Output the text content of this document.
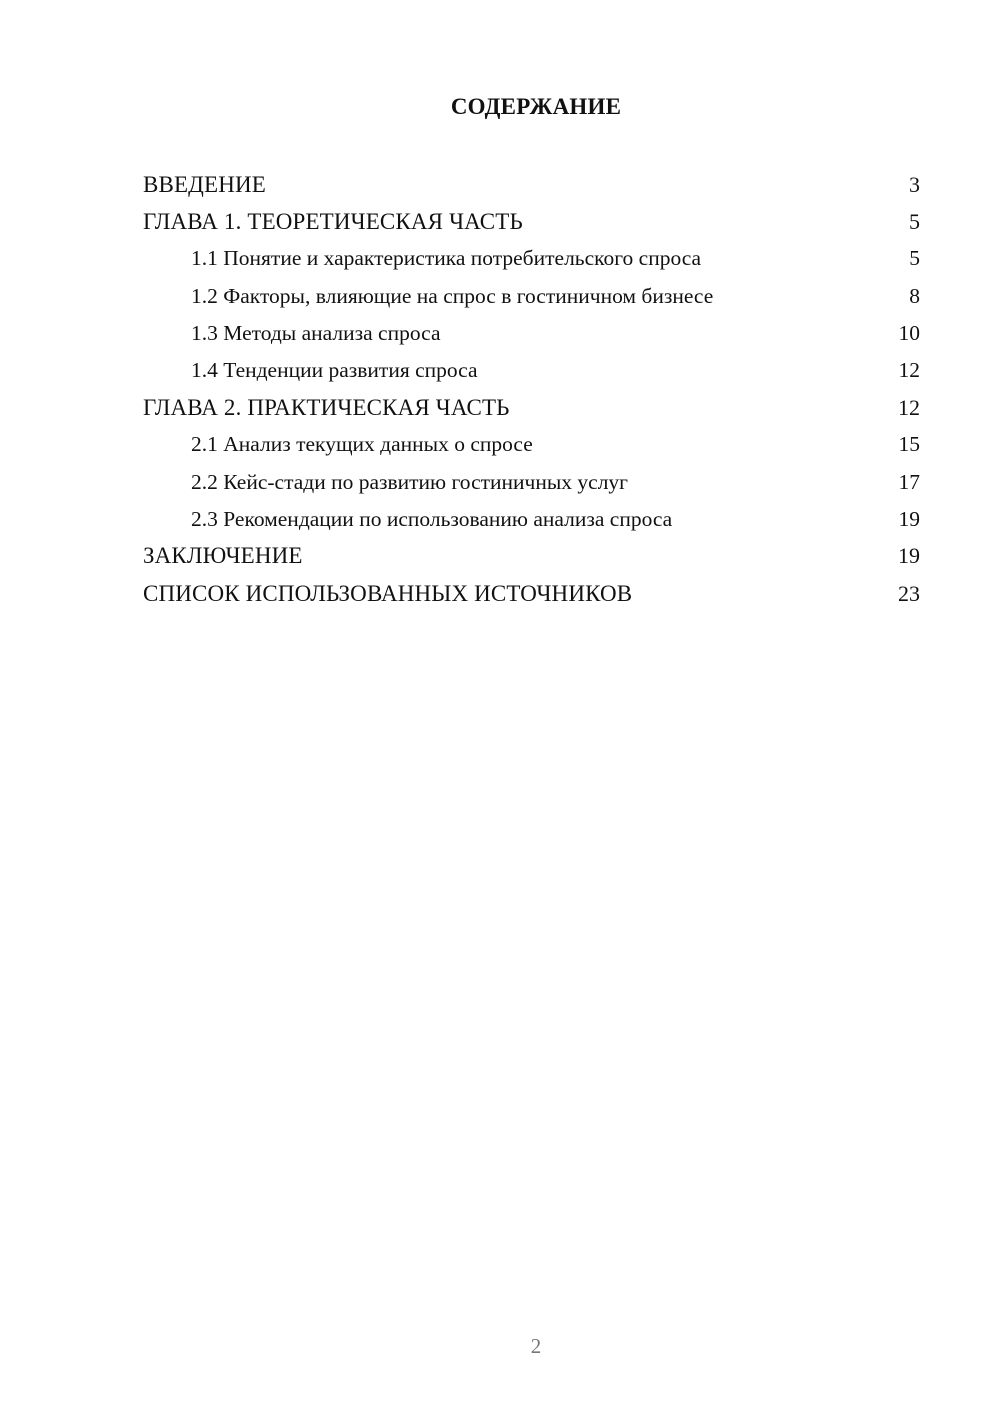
СОДЕРЖАНИЕ
ВВЕДЕНИЕ	3
ГЛАВА 1. ТЕОРЕТИЧЕСКАЯ ЧАСТЬ	5
1.1 Понятие и характеристика потребительского спроса	5
1.2 Факторы, влияющие на спрос в гостиничном бизнесе	8
1.3 Методы анализа спроса	10
1.4 Тенденции развития спроса	12
ГЛАВА 2. ПРАКТИЧЕСКАЯ ЧАСТЬ	12
2.1 Анализ текущих данных о спросе	15
2.2 Кейс-стади по развитию гостиничных услуг	17
2.3 Рекомендации по использованию анализа спроса	19
ЗАКЛЮЧЕНИЕ	19
СПИСОК ИСПОЛЬЗОВАННЫХ ИСТОЧНИКОВ	23
2
